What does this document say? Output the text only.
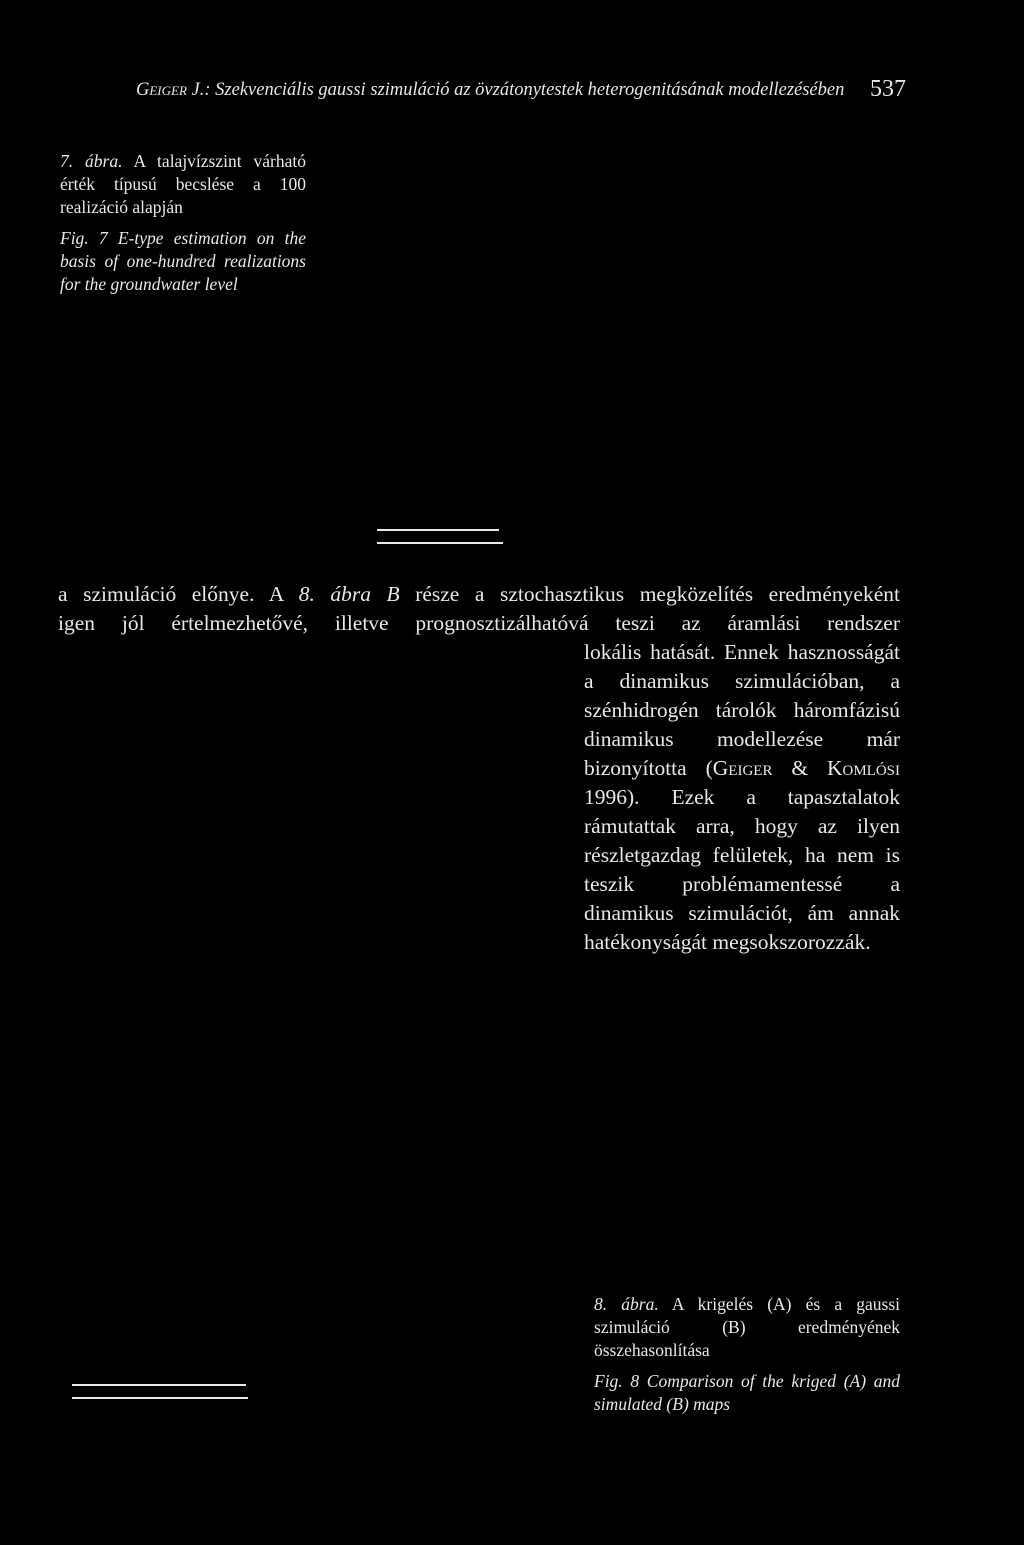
Geiger J.: Szekvenciális gaussi szimuláció az övzátonytestek heterogenitásának modellezésében 537

7. ábra. A talajvízszint várható érték típusú becslése a 100 realizáció alapján

Fig. 7 E-type estimation on the basis of one-hundred realizations for the groundwater level

a szimuláció előnye. A 8. ábra B része a sztochasztikus megközelítés eredményeként
igen jól értelmezhetővé, illetve prognosztizálhatóvá teszi az áramlási rendszer

lokális hatását. Ennek hasznosságát a dinamikus szimulációban, a szénhidrogén tárolók háromfázisú dinamikus modellezése már bizonyította (Geiger & Komlósi 1996). Ezek a tapasztalatok rámutattak arra, hogy az ilyen részletgazdag felületek, ha nem is teszik problémamentessé a dinamikus szimulációt, ám annak hatékonyságát megsokszorozzák.

8. ábra. A krigelés (A) és a gaussi szimuláció (B) eredményének összehasonlítása

Fig. 8 Comparison of the kriged (A) and simulated (B) maps
